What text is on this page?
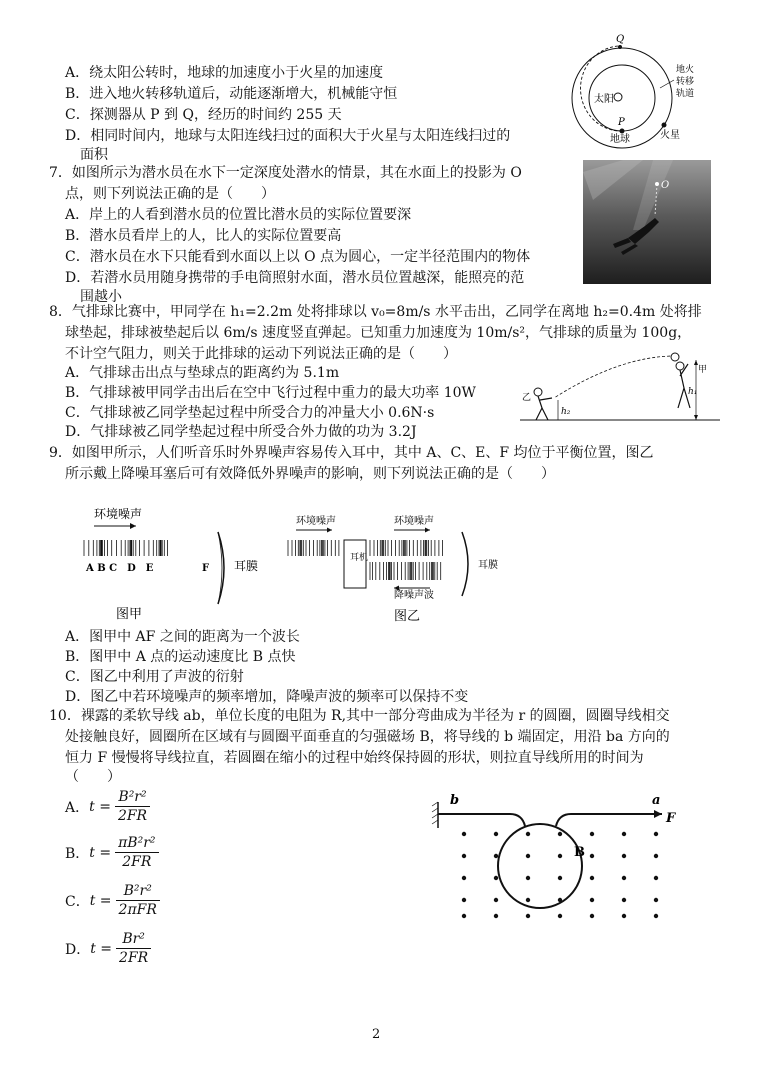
A．绕太阳公转时，地球的加速度小于火星的加速度
B．进入地火转移轨道后，动能逐渐增大，机械能守恒
C．探测器从 P 到 Q，经历的时间约 255 天
D．相同时间内，地球与太阳连线扫过的面积大于火星与太阳连线扫过的
面积
Q
P
太阳
地球	火星
地火
转移
轨道
7．如图所示为潜水员在水下一定深度处潜水的情景，其在水面上的投影为 O
点，则下列说法正确的是（　　）
A．岸上的人看到潜水员的位置比潜水员的实际位置要深
B．潜水员看岸上的人，比人的实际位置要高
C．潜水员在水下只能看到水面以上以 O 点为圆心，一定半径范围内的物体
D．若潜水员用随身携带的手电筒照射水面，潜水员位置越深，能照亮的范
围越小
O
8．气排球比赛中，甲同学在 h₁=2.2m 处将排球以 v₀=8m/s 水平击出，乙同学在离地 h₂=0.4m 处将排
球垫起，排球被垫起后以 6m/s 速度竖直弹起。已知重力加速度为 10m/s²，气排球的质量为 100g，
不计空气阻力，则关于此排球的运动下列说法正确的是（　　）
A．气排球击出点与垫球点的距离约为 5.1m
B．气排球被甲同学击出后在空中飞行过程中重力的最大功率 10W
C．气排球被乙同学垫起过程中所受合力的冲量大小 0.6N·s
D．气排球被乙同学垫起过程中所受合外力做的功为 3.2J
甲
h₁
乙
h₂
9．如图甲所示，人们听音乐时外界噪声容易传入耳中，其中 A、C、E、F 均位于平衡位置，图乙
所示戴上降噪耳塞后可有效降低外界噪声的影响，则下列说法正确的是（　　）
环境噪声
耳膜
A B C　D　E	F
图甲
环境噪声	环境噪声
耳机
降噪声波
耳膜
图乙
A．图甲中 AF 之间的距离为一个波长
B．图甲中 A 点的运动速度比 B 点快
C．图乙中利用了声波的衍射
D．图乙中若环境噪声的频率增加，降噪声波的频率可以保持不变
10．裸露的柔软导线 ab，单位长度的电阻为 R,其中一部分弯曲成为半径为 r 的圆圈，圆圈导线相交
处接触良好，圆圈所在区域有与圆圈平面垂直的匀强磁场 B，将导线的 b 端固定，用沿 ba 方向的
恒力 F 慢慢将导线拉直，若圆圈在缩小的过程中始终保持圆的形状，则拉直导线所用的时间为
（　　）
A． $t = \frac{\text{B²r²}}{2FR}$
B． $t = \frac{\text{πB²r²}}{2FR}$
C． $t = \frac{\text{B²r²}}{\text{2πFR}}$
D． $t = \frac{\text{Br²}}{2FR}$
b	a
F
B
2
